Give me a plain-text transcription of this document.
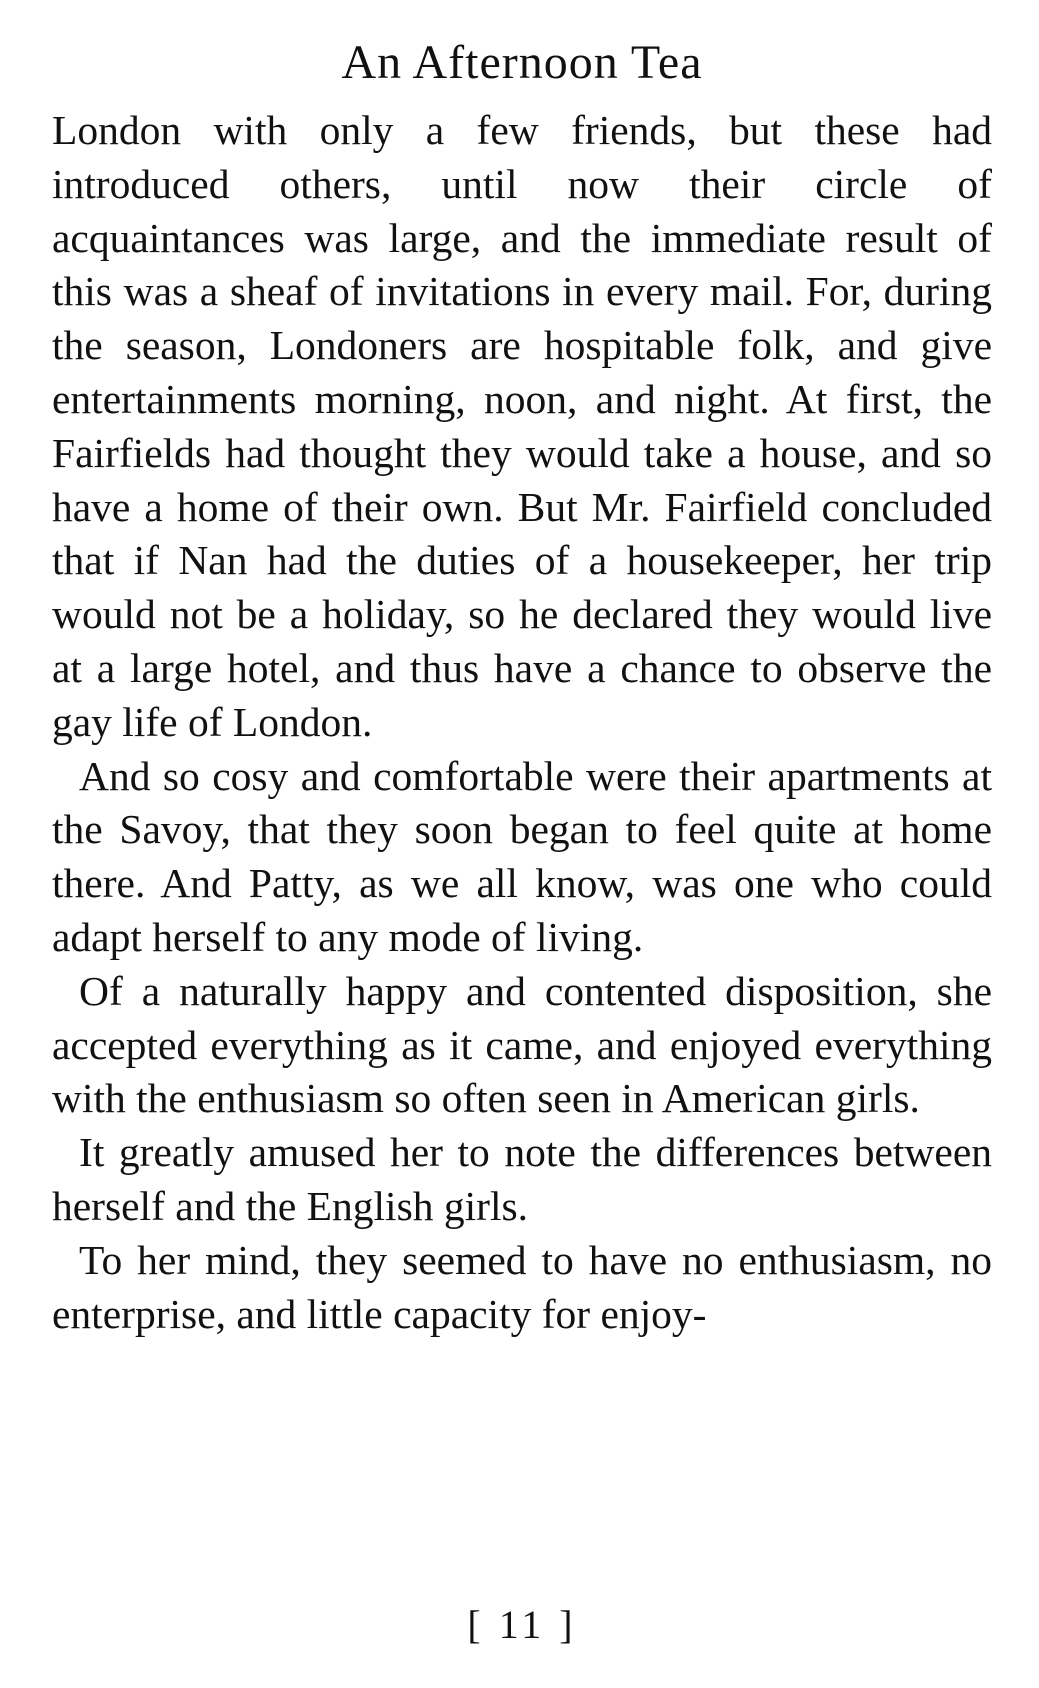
An Afternoon Tea

London with only a few friends, but these had introduced others, until now their circle of acquaintances was large, and the immediate result of this was a sheaf of invitations in every mail. For, during the season, Londoners are hospitable folk, and give entertainments morning, noon, and night. At first, the Fairfields had thought they would take a house, and so have a home of their own. But Mr. Fairfield concluded that if Nan had the duties of a housekeeper, her trip would not be a holiday, so he declared they would live at a large hotel, and thus have a chance to observe the gay life of London.

And so cosy and comfortable were their apartments at the Savoy, that they soon began to feel quite at home there. And Patty, as we all know, was one who could adapt herself to any mode of living.

Of a naturally happy and contented disposition, she accepted everything as it came, and enjoyed everything with the enthusiasm so often seen in American girls.

It greatly amused her to note the differences between herself and the English girls.

To her mind, they seemed to have no enthusiasm, no enterprise, and little capacity for enjoy-

[ 11 ]
